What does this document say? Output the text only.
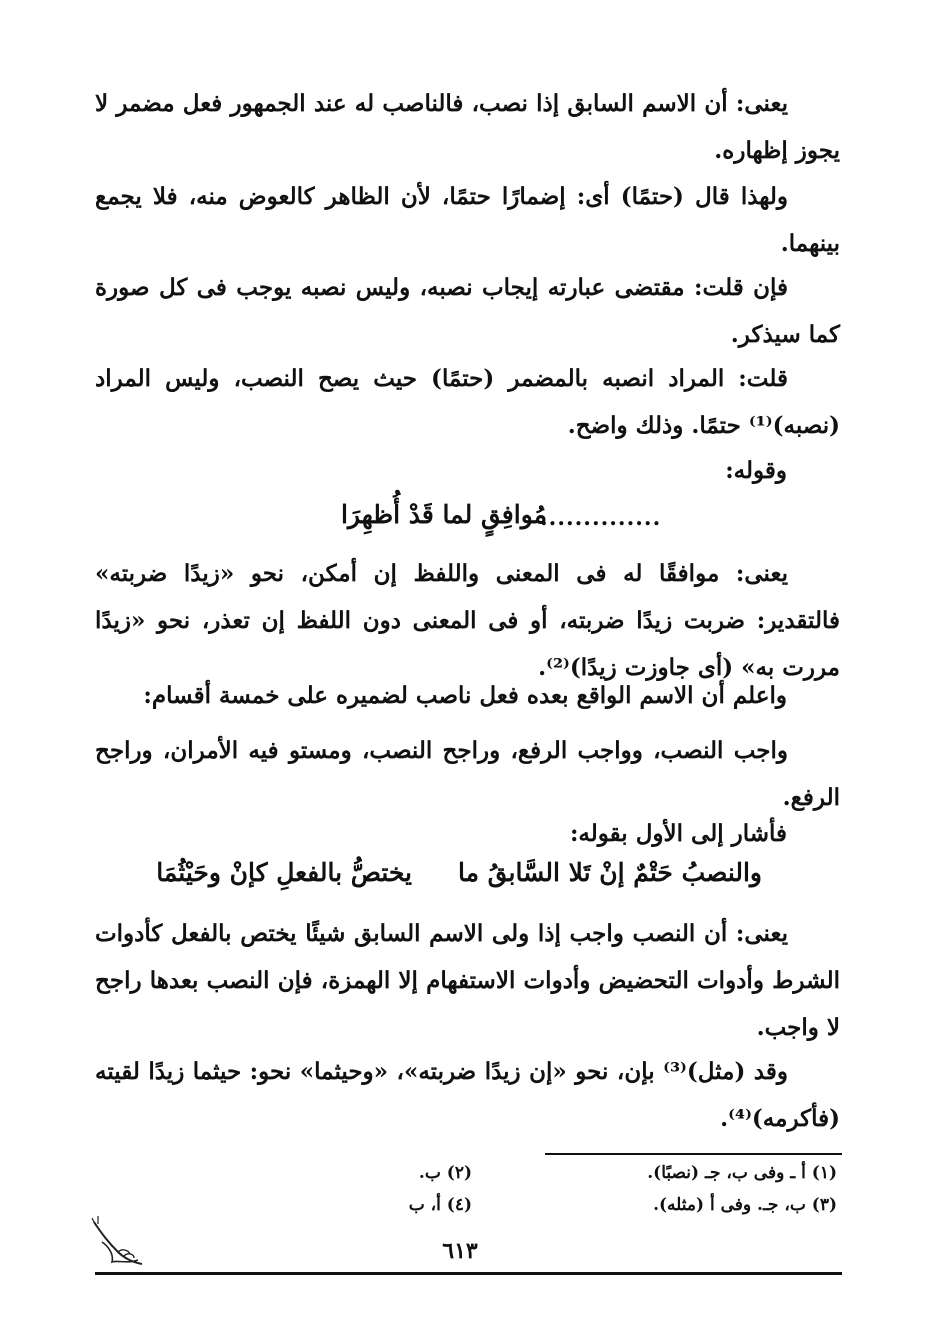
يعنى: أن الاسم السابق إذا نصب، فالناصب له عند الجمهور فعل مضمر لا يجوز إظهاره.

ولهذا قال (حتمًا) أى: إضمارًا حتمًا، لأن الظاهر كالعوض منه، فلا يجمع بينهما.

فإن قلت: مقتضى عبارته إيجاب نصبه، وليس نصبه يوجب فى كل صورة كما سيذكر.

قلت: المراد انصبه بالمضمر (حتمًا) حيث يصح النصب، وليس المراد (نصبه)⁽¹⁾ حتمًا. وذلك واضح.

وقوله:
مُوافِقٍ لما قَدْ أُظهِرَا
..............

يعنى: موافقًا له فى المعنى واللفظ إن أمكن، نحو «زيدًا ضربته» فالتقدير: ضربت زيدًا ضربته، أو فى المعنى دون اللفظ إن تعذر، نحو «زيدًا مررت به» (أى جاوزت زيدًا)⁽²⁾.

واعلم أن الاسم الواقع بعده فعل ناصب لضميره على خمسة أقسام:

واجب النصب، وواجب الرفع، وراجح النصب، ومستو فيه الأمران، وراجح الرفع.

فأشار إلى الأول بقوله:
والنصبُ حَتْمٌ إنْ تَلا السَّابقُ ما
يختصُّ بالفعلِ كإنْ وحَيْثُمَا

يعنى: أن النصب واجب إذا ولى الاسم السابق شيئًا يختص بالفعل كأدوات الشرط وأدوات التحضيض وأدوات الاستفهام إلا الهمزة، فإن النصب بعدها راجح لا واجب.

وقد (مثل)⁽³⁾ بإن، نحو «إن زيدًا ضربته»، «وحيثما» نحو: حيثما زيدًا لقيته (فأكرمه)⁽⁴⁾.

(١) أ ـ وفى ب، جـ (نصبًا).
(٢) ب.
(٣) ب، جـ. وفى أ (مثله).
(٤) أ، ب
٦١٣
